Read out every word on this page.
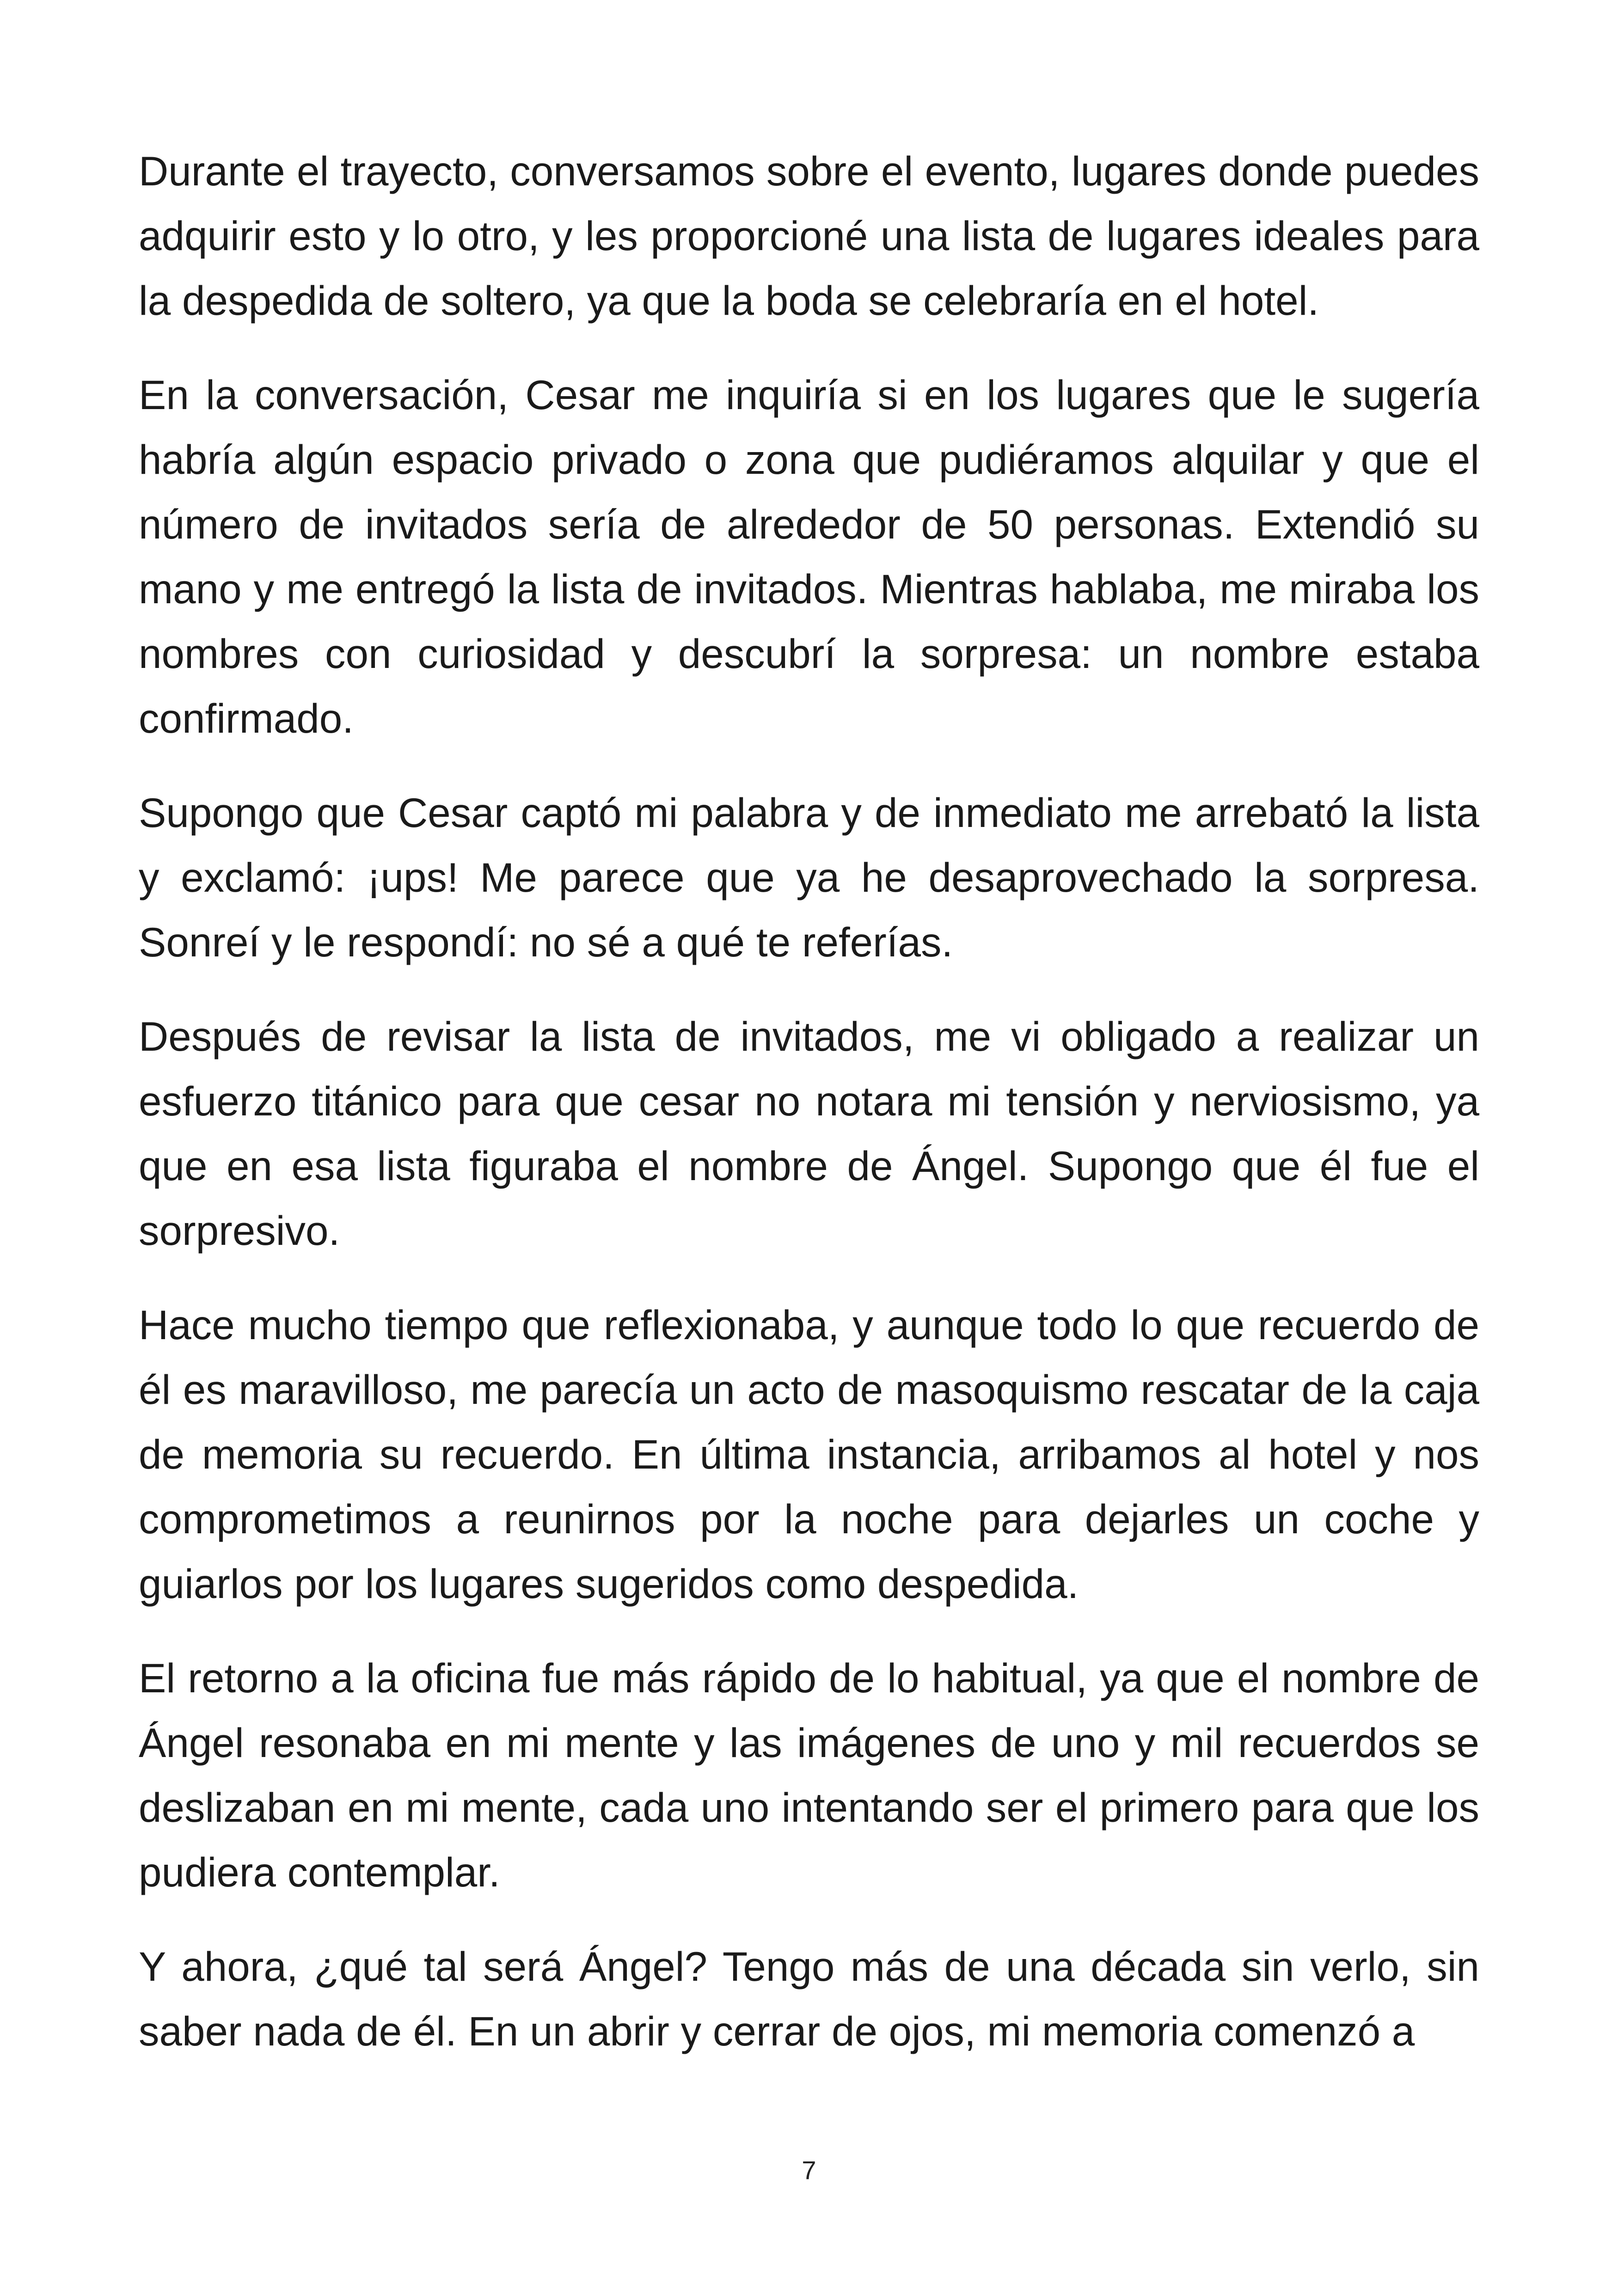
Durante el trayecto, conversamos sobre el evento, lugares donde puedes adquirir esto y lo otro, y les proporcioné una lista de lugares ideales para la despedida de soltero, ya que la boda se celebraría en el hotel.

En la conversación, Cesar me inquiría si en los lugares que le sugería habría algún espacio privado o zona que pudiéramos alquilar y que el número de invitados sería de alrededor de 50 personas. Extendió su mano y me entregó la lista de invitados. Mientras hablaba, me miraba los nombres con curiosidad y descubrí la sorpresa: un nombre estaba confirmado.

Supongo que Cesar captó mi palabra y de inmediato me arrebató la lista y exclamó: ¡ups! Me parece que ya he desaprovechado la sorpresa. Sonreí y le respondí: no sé a qué te referías.

Después de revisar la lista de invitados, me vi obligado a realizar un esfuerzo titánico para que cesar no notara mi tensión y nerviosismo, ya que en esa lista figuraba el nombre de Ángel. Supongo que él fue el sorpresivo.

Hace mucho tiempo que reflexionaba, y aunque todo lo que recuerdo de él es maravilloso, me parecía un acto de masoquismo rescatar de la caja de memoria su recuerdo. En última instancia, arribamos al hotel y nos comprometimos a reunirnos por la noche para dejarles un coche y guiarlos por los lugares sugeridos como despedida.

El retorno a la oficina fue más rápido de lo habitual, ya que el nombre de Ángel resonaba en mi mente y las imágenes de uno y mil recuerdos se deslizaban en mi mente, cada uno intentando ser el primero para que los pudiera contemplar.

Y ahora, ¿qué tal será Ángel? Tengo más de una década sin verlo, sin saber nada de él. En un abrir y cerrar de ojos, mi memoria comenzó a

7
